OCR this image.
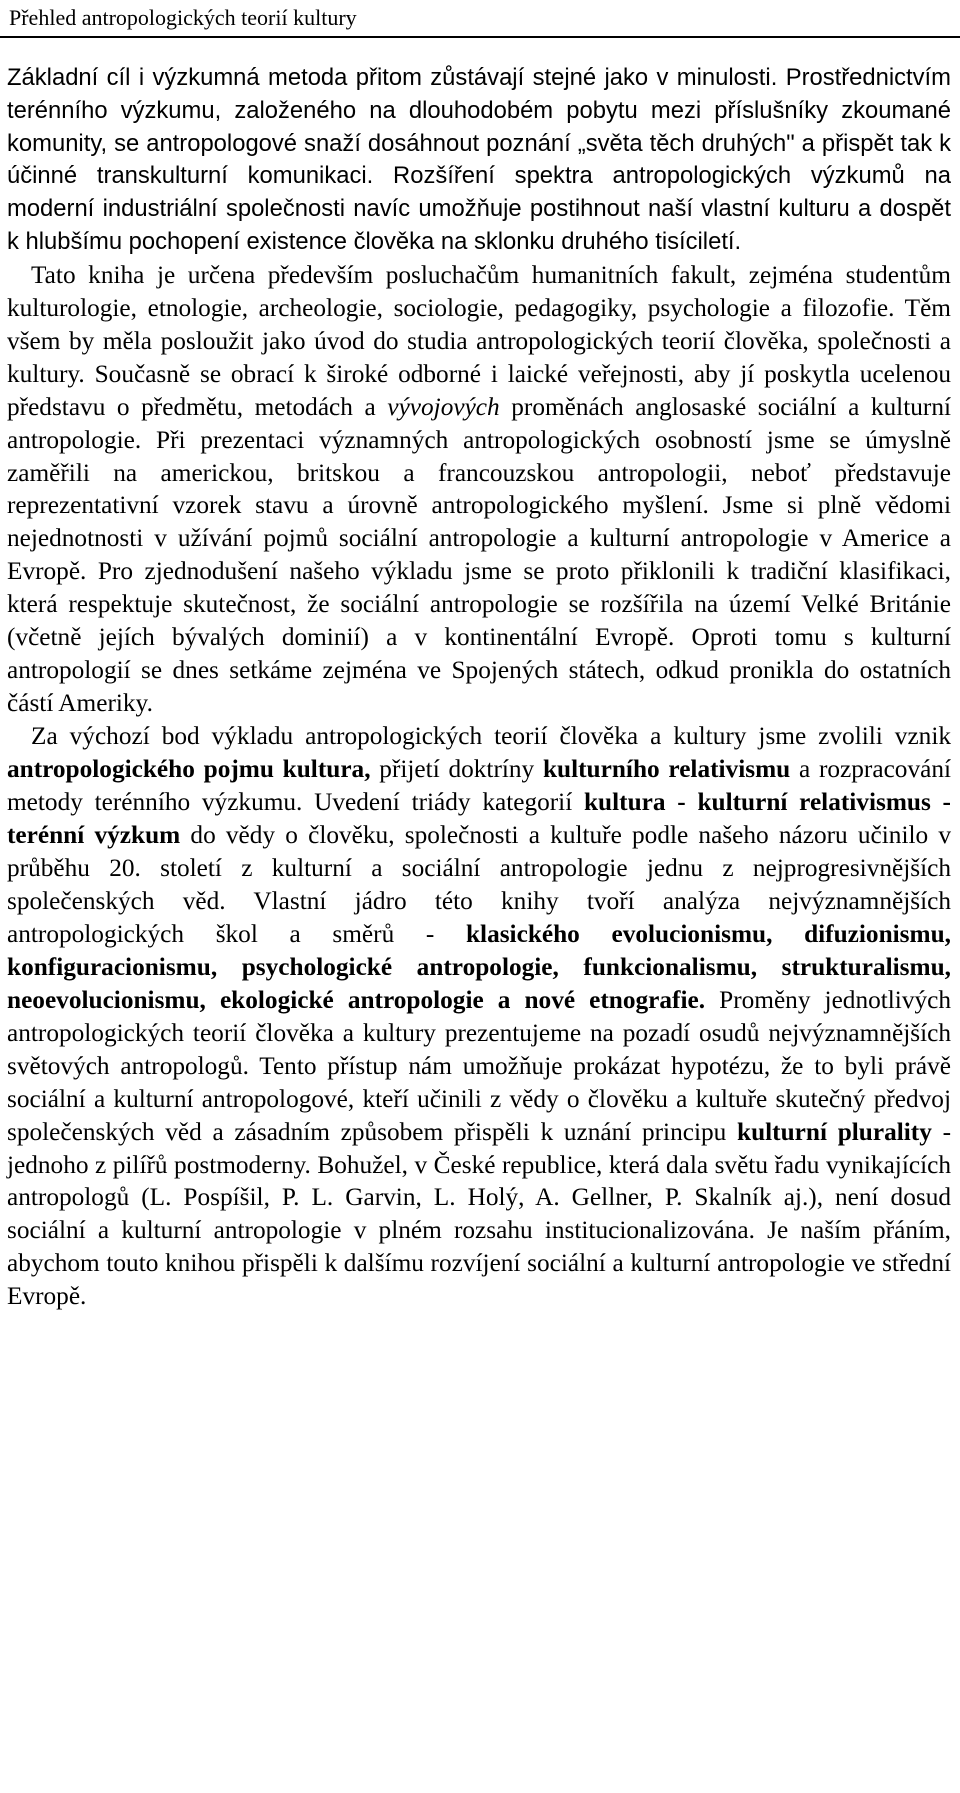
Přehled antropologických teorií kultury

Základní cíl i výzkumná metoda přitom zůstávají stejné jako v minulosti. Prostřednictvím terénního výzkumu, založeného na dlouhodobém pobytu mezi příslušníky zkoumané komunity, se antropologové snaží dosáhnout poznání „světa těch druhých" a přispět tak k účinné transkulturní komunikaci. Rozšíření spektra antropologických výzkumů na moderní industriální společnosti navíc umožňuje postihnout naší vlastní kulturu a dospět k hlubšímu pochopení existence člověka na sklonku druhého tisíciletí.

Tato kniha je určena především posluchačům humanitních fakult, zejména studentům kulturologie, etnologie, archeologie, sociologie, pedagogiky, psychologie a filozofie. Těm všem by měla posloužit jako úvod do studia antropologických teorií člověka, společnosti a kultury. Současně se obrací k široké odborné i laické veřejnosti, aby jí poskytla ucelenou představu o předmětu, metodách a vývojových proměnách anglosaské sociální a kulturní antropologie. Při prezentaci významných antropologických osobností jsme se úmyslně zaměřili na americkou, britskou a francouzskou antropologii, neboť představuje reprezentativní vzorek stavu a úrovně antropologického myšlení. Jsme si plně vědomi nejednotnosti v užívání pojmů sociální antropologie a kulturní antropologie v Americe a Evropě. Pro zjednodušení našeho výkladu jsme se proto přiklonili k tradiční klasifikaci, která respektuje skutečnost, že sociální antropologie se rozšířila na území Velké Británie (včetně jejích bývalých dominií) a v kontinentální Evropě. Oproti tomu s kulturní antropologií se dnes setkáme zejména ve Spojených státech, odkud pronikla do ostatních částí Ameriky.

Za výchozí bod výkladu antropologických teorií člověka a kultury jsme zvolili vznik antropologického pojmu kultura, přijetí doktríny kulturního relativismu a rozpracování metody terénního výzkumu. Uvedení triády kategorií kultura - kulturní relativismus - terénní výzkum do vědy o člověku, společnosti a kultuře podle našeho názoru učinilo v průběhu 20. století z kulturní a sociální antropologie jednu z nejprogresivnějších společenských věd. Vlastní jádro této knihy tvoří analýza nejvýznamnějších antropologických škol a směrů - klasického evolucionismu, difuzionismu, konfiguracionismu, psychologické antropologie, funkcionalismu, strukturalismu, neoevolucionismu, ekologické antropologie a nové etnografie. Proměny jednotlivých antropologických teorií člověka a kultury prezentujeme na pozadí osudů nejvýznamnějších světových antropologů. Tento přístup nám umožňuje prokázat hypotézu, že to byli právě sociální a kulturní antropologové, kteří učinili z vědy o člověku a kultuře skutečný předvoj společenských věd a zásadním způsobem přispěli k uznání principu kulturní plurality - jednoho z pilířů postmoderny. Bohužel, v České republice, která dala světu řadu vynikajících antropologů (L. Pospíšil, P. L. Garvin, L. Holý, A. Gellner, P. Skalník aj.), není dosud sociální a kulturní antropologie v plném rozsahu institucionalizována. Je naším přáním, abychom touto knihou přispěli k dalšímu rozvíjení sociální a kulturní antropologie ve střední Evropě.
